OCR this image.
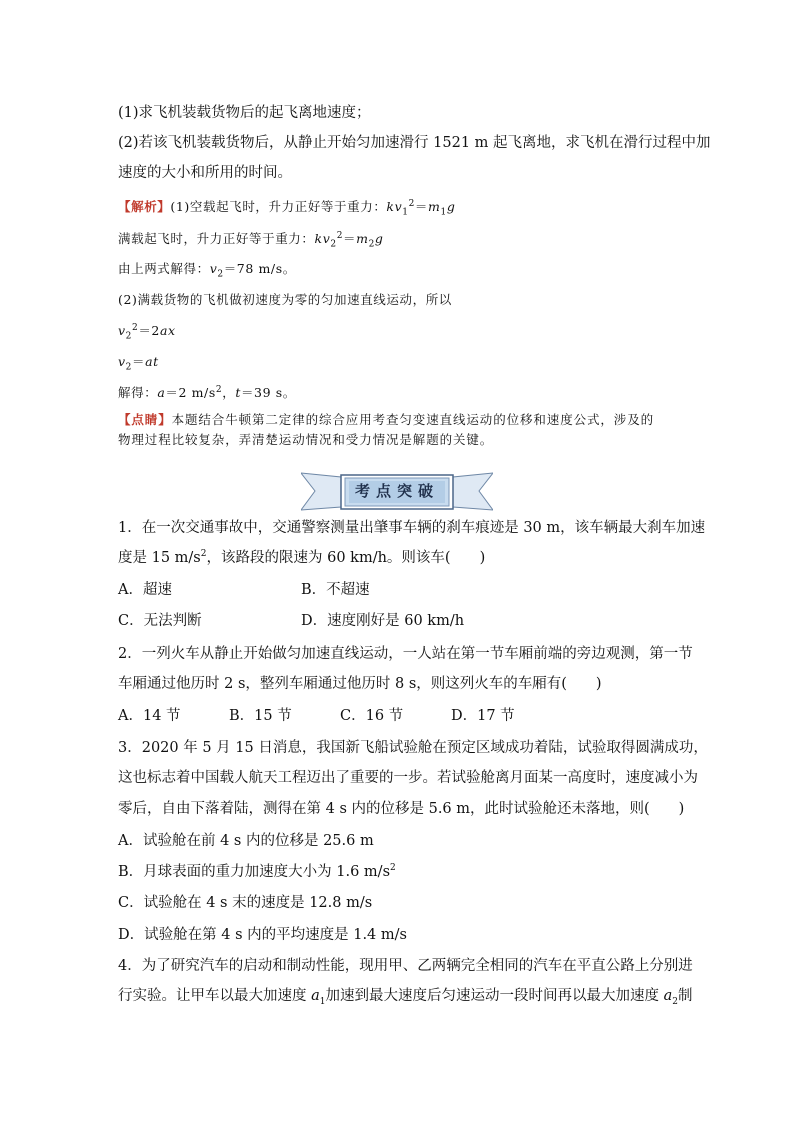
(1)求飞机装载货物后的起飞离地速度；
(2)若该飞机装载货物后，从静止开始匀加速滑行 1521 m 起飞离地，求飞机在滑行过程中加
速度的大小和所用的时间。
【解析】(1)空载起飞时，升力正好等于重力：$kv_1^2=m_1g$
满载起飞时，升力正好等于重力：$kv_2^2=m_2g$
由上两式解得：$v_2=78$ m/s。
(2)满载货物的飞机做初速度为零的匀加速直线运动，所以
$v_2^2=2ax$
$v_2=at$
解得：a＝2 $m/s^2$，t＝39 s。
【点睛】本题结合牛顿第二定律的综合应用考查匀变速直线运动的位移和速度公式，涉及的
物理过程比较复杂，弄清楚运动情况和受力情况是解题的关键。
考点突破
1．在一次交通事故中，交通警察测量出肇事车辆的刹车痕迹是 30 m，该车辆最大刹车加速
度是 15 $m/s^2$，该路段的限速为 60 km/h。则该车(　　)
A．超速	B．不超速
C．无法判断	D．速度刚好是 60 km/h
2．一列火车从静止开始做匀加速直线运动，一人站在第一节车厢前端的旁边观测，第一节
车厢通过他历时 2 s，整列车厢通过他历时 8 s，则这列火车的车厢有(　　)
A．14 节	B．15 节	C．16 节	D．17 节
3．2020 年 5 月 15 日消息，我国新飞船试验舱在预定区域成功着陆，试验取得圆满成功，
这也标志着中国载人航天工程迈出了重要的一步。若试验舱离月面某一高度时，速度减小为
零后，自由下落着陆，测得在第 4 s 内的位移是 5.6 m，此时试验舱还未落地，则(　　)
A．试验舱在前 4 s 内的位移是 25.6 m
B．月球表面的重力加速度大小为 1.6 $m/s^2$
C．试验舱在 4 s 末的速度是 12.8 m/s
D．试验舱在第 4 s 内的平均速度是 1.4 m/s
4．为了研究汽车的启动和制动性能，现用甲、乙两辆完全相同的汽车在平直公路上分别进
行实验。让甲车以最大加速度 $a_1$加速到最大速度后匀速运动一段时间再以最大加速度 $a_2$制
